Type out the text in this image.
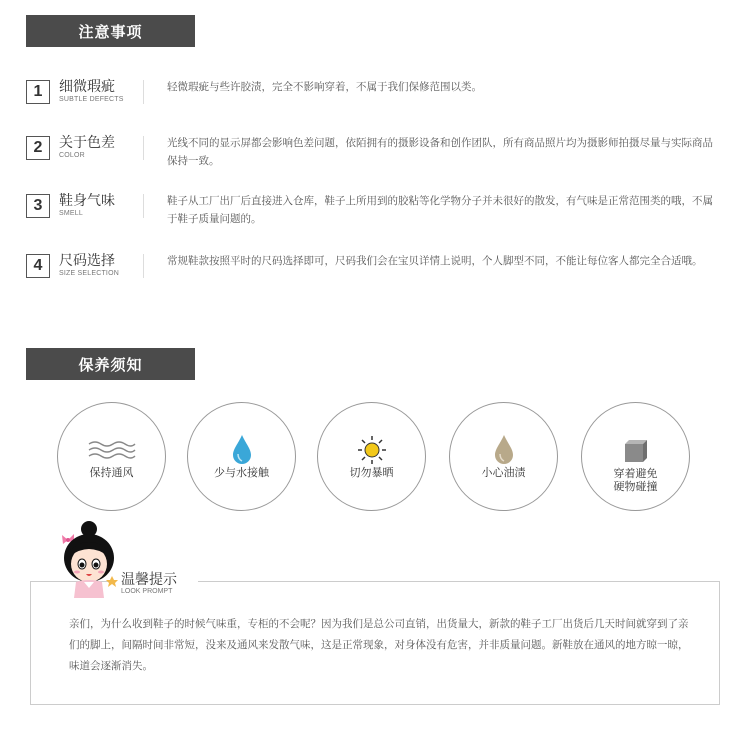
注意事项
1	细微瑕疵
SUBTLE DEFECTS
轻微瑕疵与些许胶渍，完全不影响穿着，不属于我们保修范围以类。
2	关于色差
COLOR
光线不同的显示屏都会影响色差问题，依陌拥有的摄影设备和创作团队，所有商品照片均为摄影师拍摄尽量与实际商品保持一致。
3	鞋身气味
SMELL
鞋子从工厂出厂后直接进入仓库，鞋子上所用到的胶粘等化学物分子并未很好的散发，有气味是正常范围类的哦，不属于鞋子质量问题的。
4	尺码选择
SIZE SELECTION
常规鞋款按照平时的尺码选择即可，尺码我们会在宝贝详情上说明，个人脚型不同，不能让每位客人都完全合适哦。
保养须知
保持通风	少与水接触	切勿暴晒	小心油渍	穿着避免
硬物碰撞
亲们，为什么收到鞋子的时候气味重，专柜的不会呢？因为我们是总公司直销，出货量大，新款的鞋子工厂出货后几天时间就穿到了亲们的脚上，间隔时间非常短，没来及通风来发散气味，这是正常现象，对身体没有危害，并非质量问题。新鞋放在通风的地方晾一晾，味道会逐渐消失。
温馨提示
LOOK PROMPT
